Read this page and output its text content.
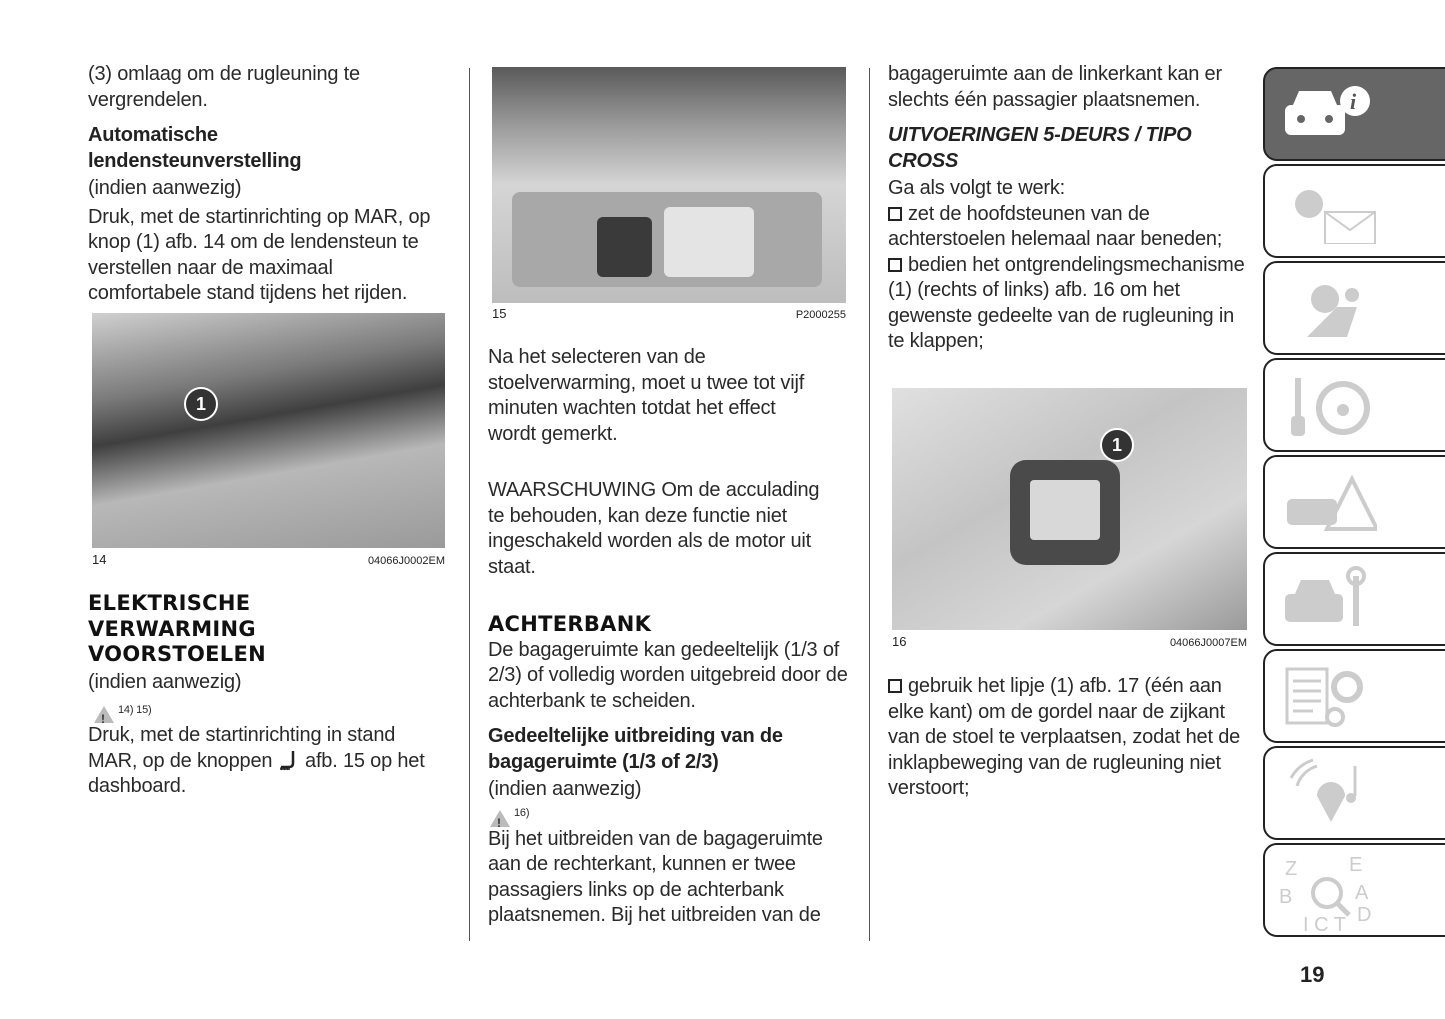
(3) omlaag om de rugleuning te vergrendelen.

Automatische lendensteunverstelling

(indien aanwezig)

Druk, met de startinrichting op MAR, op knop (1) afb. 14 om de lendensteun te verstellen naar de maximaal comfortabele stand tijdens het rijden.

1
14	04066J0002EM

ELEKTRISCHE VERWARMING VOORSTOELEN

(indien aanwezig)

!
14) 15)

Druk, met de startinrichting in stand MAR, op de knoppen afb. 15 op het dashboard.

15	P2000255

Na het selecteren van de stoelverwarming, moet u twee tot vijf minuten wachten totdat het effect wordt gemerkt.

WAARSCHUWING Om de acculading te behouden, kan deze functie niet ingeschakeld worden als de motor uit staat.

ACHTERBANK

De bagageruimte kan gedeeltelijk (1/3 of 2/3) of volledig worden uitgebreid door de achterbank te scheiden.

Gedeeltelijke uitbreiding van de bagageruimte (1/3 of 2/3)

(indien aanwezig)

!
16)

Bij het uitbreiden van de bagageruimte aan de rechterkant, kunnen er twee passagiers links op de achterbank plaatsnemen. Bij het uitbreiden van de

bagageruimte aan de linkerkant kan er slechts één passagier plaatsnemen.

UITVOERINGEN 5-DEURS / TIPO CROSS

Ga als volgt te werk:

zet de hoofdsteunen van de achterstoelen helemaal naar beneden;

bedien het ontgrendelingsmechanisme (1) (rechts of links) afb. 16 om het gewenste gedeelte van de rugleuning in te klappen;

1
16	04066J0007EM

gebruik het lipje (1) afb. 17 (één aan elke kant) om de gordel naar de zijkant van de stoel te verplaatsen, zodat het de inklapbeweging van de rugleuning niet verstoort;

i
Z	E
B	A
I C T D
19
